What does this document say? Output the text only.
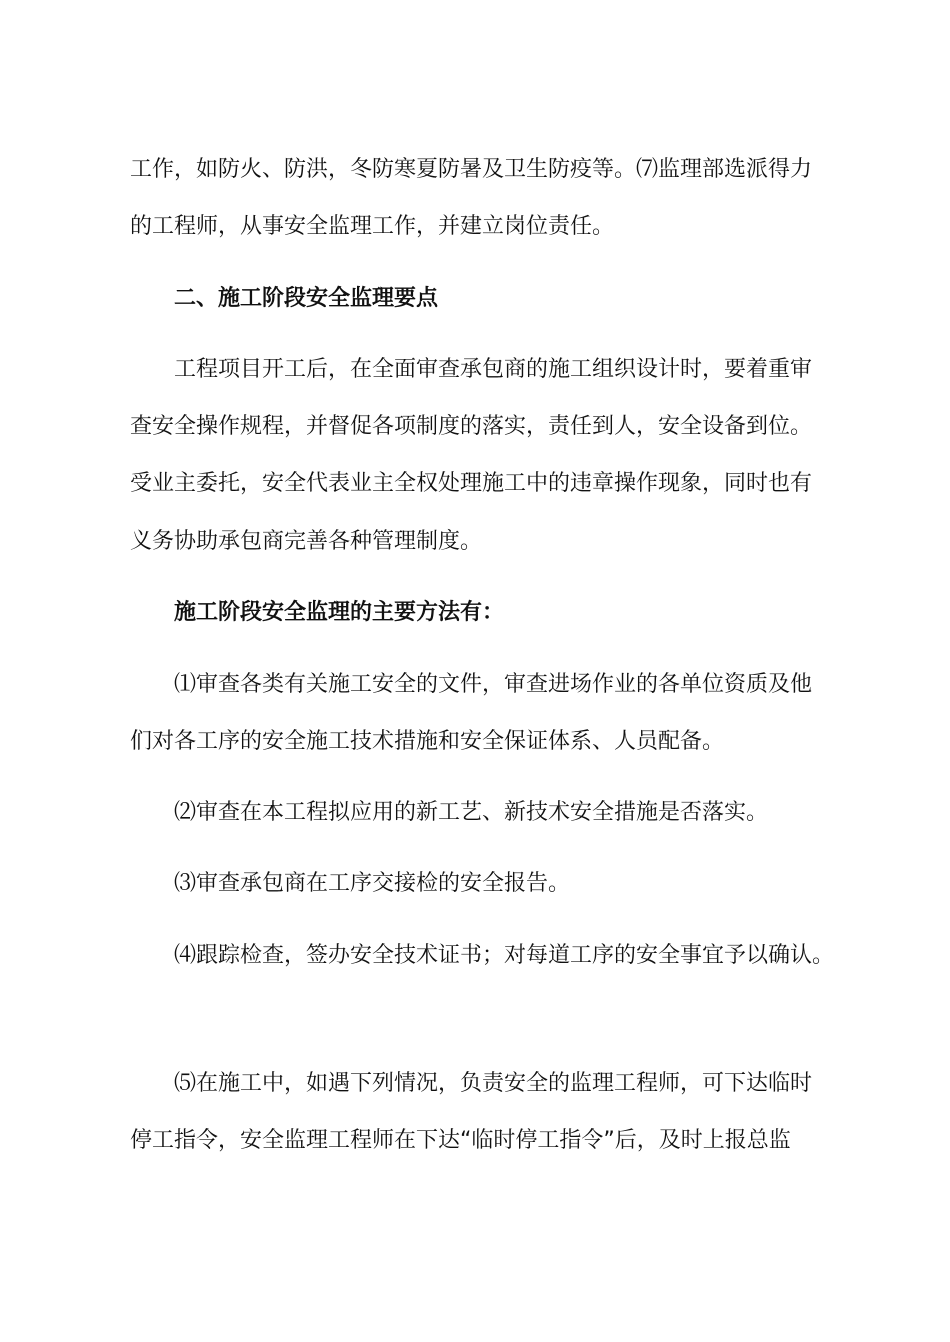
工作，如防火、防洪，冬防寒夏防暑及卫生防疫等。⑺监理部选派得力
的工程师，从事安全监理工作，并建立岗位责任。
二、施工阶段安全监理要点
工程项目开工后，在全面审查承包商的施工组织设计时，要着重审
查安全操作规程，并督促各项制度的落实，责任到人，安全设备到位。
受业主委托，安全代表业主全权处理施工中的违章操作现象，同时也有
义务协助承包商完善各种管理制度。
施工阶段安全监理的主要方法有：
⑴审查各类有关施工安全的文件，审查进场作业的各单位资质及他
们对各工序的安全施工技术措施和安全保证体系、人员配备。
⑵审查在本工程拟应用的新工艺、新技术安全措施是否落实。
⑶审查承包商在工序交接检的安全报告。
⑷跟踪检查，签办安全技术证书；对每道工序的安全事宜予以确认。
⑸在施工中，如遇下列情况，负责安全的监理工程师，可下达临时
停工指令，安全监理工程师在下达“临时停工指令”后，及时上报总监
